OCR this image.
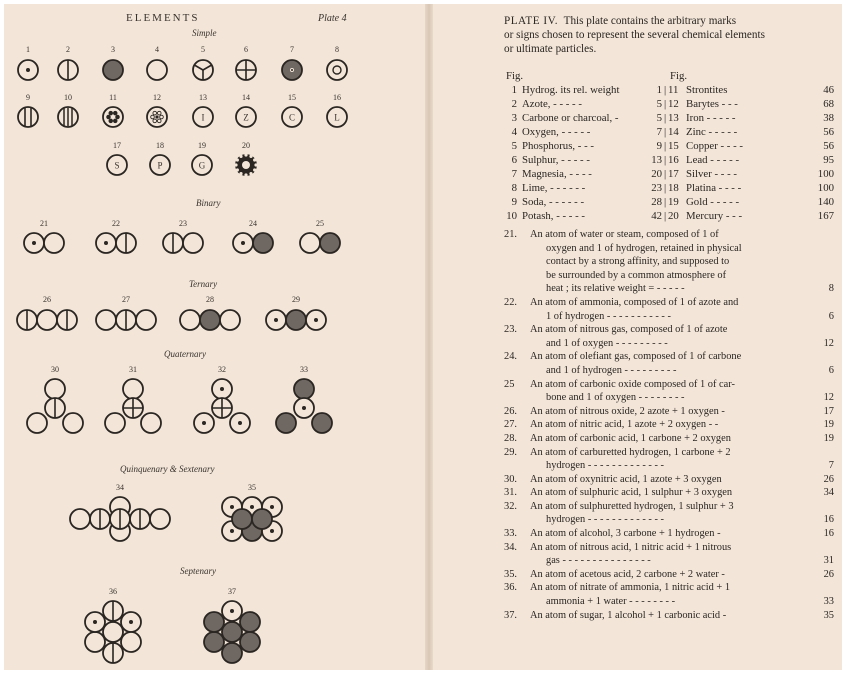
ELEMENTS	Plate 4
Simple
Binary
Ternary
Quaternary
Quinquenary & Sextenary
Septenary
1	2	3	4	5	6	7	8
9	10	11	12	13
I
14
Z
15
C
16
L
17
S
18
P
19
G
20
21	22	23	24	25
26	27	28	29
30	31	32	33
34	35
36	37
PLATE IV. This plate contains the arbitrary marks
or signs chosen to represent the several chemical elements
or ultimate particles.
Fig.	Fig.
1 Hydrog. its rel. weight	1 | 11 Strontites	46
2 Azote, - - - - -	5 | 12 Barytes - - -	68
3 Carbone or charcoal, -	5 | 13 Iron - - - - -	38
4 Oxygen, - - - - -	7 | 14 Zinc - - - - -	56
5 Phosphorus, - - -	9 | 15 Copper - - - -	56
6 Sulphur, - - - - -	13 | 16 Lead - - - - -	95
7 Magnesia, - - - -	20 | 17 Silver - - - -	100
8 Lime, - - - - - -	23 | 18 Platina - - - -	100
9 Soda, - - - - - -	28 | 19 Gold - - - - -	140
10 Potash, - - - - -	42 | 20 Mercury - - -	167
21. An atom of water or steam, composed of 1 of
oxygen and 1 of hydrogen, retained in physical
contact by a strong affinity, and supposed to
be surrounded by a common atmosphere of
heat ; its relative weight = - - - - -	8
22. An atom of ammonia, composed of 1 of azote and
1 of hydrogen - - - - - - - - - - -	6
23. An atom of nitrous gas, composed of 1 of azote
and 1 of oxygen - - - - - - - - -	12
24. An atom of olefiant gas, composed of 1 of carbone
and 1 of hydrogen - - - - - - - - -	6
25 An atom of carbonic oxide composed of 1 of car-
bone and 1 of oxygen - - - - - - - -	12
26. An atom of nitrous oxide, 2 azote + 1 oxygen -	17
27. An atom of nitric acid, 1 azote + 2 oxygen - -	19
28. An atom of carbonic acid, 1 carbone + 2 oxygen	19
29. An atom of carburetted hydrogen, 1 carbone + 2
hydrogen - - - - - - - - - - - - -	7
30. An atom of oxynitric acid, 1 azote + 3 oxygen	26
31. An atom of sulphuric acid, 1 sulphur + 3 oxygen	34
32. An atom of sulphuretted hydrogen, 1 sulphur + 3
hydrogen - - - - - - - - - - - - -	16
33. An atom of alcohol, 3 carbone + 1 hydrogen -	16
34. An atom of nitrous acid, 1 nitric acid + 1 nitrous
gas - - - - - - - - - - - - - - -	31
35. An atom of acetous acid, 2 carbone + 2 water -	26
36. An atom of nitrate of ammonia, 1 nitric acid + 1
ammonia + 1 water - - - - - - - -	33
37. An atom of sugar, 1 alcohol + 1 carbonic acid -	35
